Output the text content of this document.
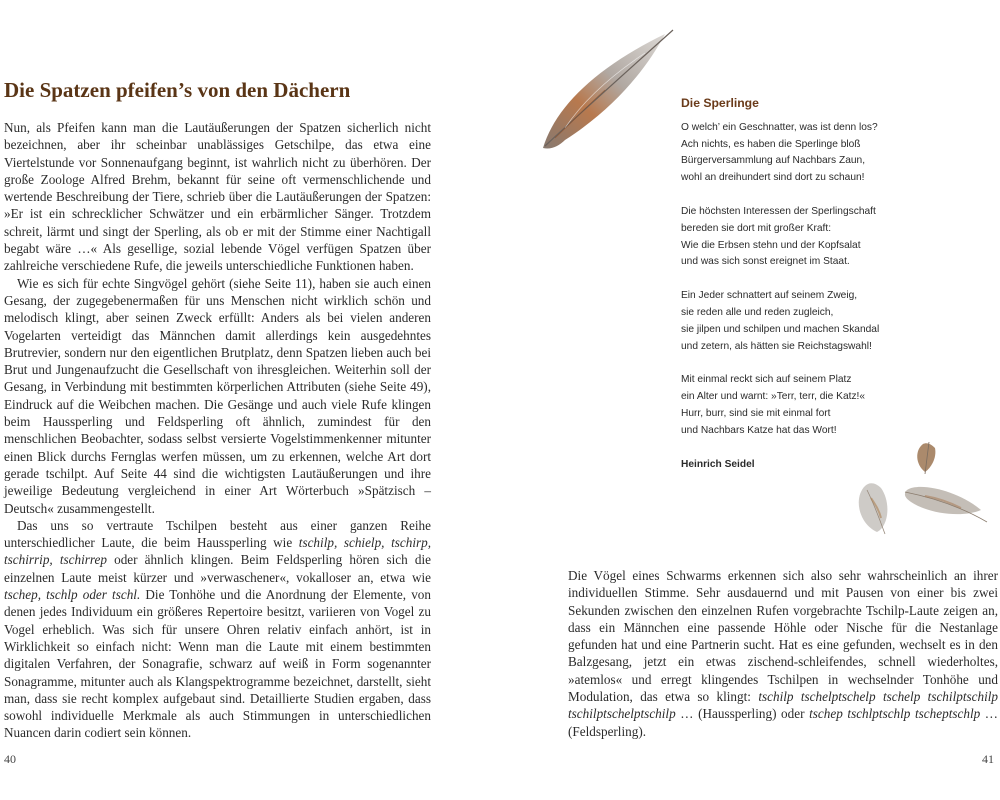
Die Spatzen pfeifen’s von den Dächern

Nun, als Pfeifen kann man die Lautäußerungen der Spatzen sicherlich nicht bezeichnen, aber ihr scheinbar unablässiges Getschilpe, das etwa eine Viertelstunde vor Sonnenaufgang beginnt, ist wahrlich nicht zu überhören. Der große Zoologe Alfred Brehm, bekannt für seine oft vermenschlichende und wertende Beschreibung der Tiere, schrieb über die Lautäußerungen der Spatzen: »Er ist ein schrecklicher Schwätzer und ein erbärmlicher Sänger. Trotzdem schreit, lärmt und singt der Sperling, als ob er mit der Stimme einer Nachtigall begabt wäre …« Als gesellige, sozial lebende Vögel verfügen Spatzen über zahlreiche verschiedene Rufe, die jeweils unterschiedliche Funktionen haben.

Wie es sich für echte Singvögel gehört (siehe Seite 11), haben sie auch einen Gesang, der zugegebenermaßen für uns Menschen nicht wirklich schön und melodisch klingt, aber seinen Zweck erfüllt: Anders als bei vielen anderen Vogelarten verteidigt das Männchen damit allerdings kein ausgedehntes Brutrevier, sondern nur den eigentlichen Brutplatz, denn Spatzen lieben auch bei Brut und Jungenaufzucht die Gesellschaft von ihresgleichen. Weiterhin soll der Gesang, in Verbindung mit bestimmten körperlichen Attributen (siehe Seite 49), Eindruck auf die Weibchen machen. Die Gesänge und auch viele Rufe klingen beim Haussperling und Feldsperling oft ähnlich, zumindest für den menschlichen Beobachter, sodass selbst versierte Vogelstimmenkenner mitunter einen Blick durchs Fernglas werfen müssen, um zu erkennen, welche Art dort gerade tschilpt. Auf Seite 44 sind die wichtigsten Lautäußerungen und ihre jeweilige Bedeutung vergleichend in einer Art Wörterbuch »Spätzisch – Deutsch« zusammengestellt.

Das uns so vertraute Tschilpen besteht aus einer ganzen Reihe unterschiedlicher Laute, die beim Haussperling wie tschilp, schielp, tschirp, tschirrip, tschirrep oder ähnlich klingen. Beim Feldsperling hören sich die einzelnen Laute meist kürzer und »verwaschener«, vokalloser an, etwa wie tschep, tschlp oder tschl. Die Tonhöhe und die Anordnung der Elemente, von denen jedes Individuum ein größeres Repertoire besitzt, variieren von Vogel zu Vogel erheblich. Was sich für unsere Ohren relativ einfach anhört, ist in Wirklichkeit so einfach nicht: Wenn man die Laute mit einem bestimmten digitalen Verfahren, der Sonagrafie, schwarz auf weiß in Form sogenannter Sonagramme, mitunter auch als Klangspektrogramme bezeichnet, darstellt, sieht man, dass sie recht komplex aufgebaut sind. Detaillierte Studien ergaben, dass sowohl individuelle Merkmale als auch Stimmungen in unterschiedlichen Nuancen darin codiert sein können.

40
Die Sperlinge
O welch’ ein Geschnatter, was ist denn los?
Ach nichts, es haben die Sperlinge bloß
Bürgerversammlung auf Nachbars Zaun,
wohl an dreihundert sind dort zu schaun!
Die höchsten Interessen der Sperlingschaft
bereden sie dort mit großer Kraft:
Wie die Erbsen stehn und der Kopfsalat
und was sich sonst ereignet im Staat.
Ein Jeder schnattert auf seinem Zweig,
sie reden alle und reden zugleich,
sie jilpen und schilpen und machen Skandal
und zetern, als hätten sie Reichstagswahl!
Mit einmal reckt sich auf seinem Platz
ein Alter und warnt: »Terr, terr, die Katz!«
Hurr, burr, sind sie mit einmal fort
und Nachbars Katze hat das Wort!
Heinrich Seidel

Die Vögel eines Schwarms erkennen sich also sehr wahrscheinlich an ihrer individuellen Stimme. Sehr ausdauernd und mit Pausen von einer bis zwei Sekunden zwischen den einzelnen Rufen vorgebrachte Tschilp-Laute zeigen an, dass ein Männchen eine passende Höhle oder Nische für die Nestanlage gefunden hat und eine Partnerin sucht. Hat es eine gefunden, wechselt es in den Balzgesang, jetzt ein etwas zischend-schleifendes, schnell wiederholtes, »atemlos« und erregt klingendes Tschilpen in wechselnder Tonhöhe und Modulation, das etwa so klingt: tschilp tschelptschelp tschelp tschilptschilp tschilptschelptschilp … (Haussperling) oder tschep tschlptschlp tscheptschlp … (Feldsperling).

41
